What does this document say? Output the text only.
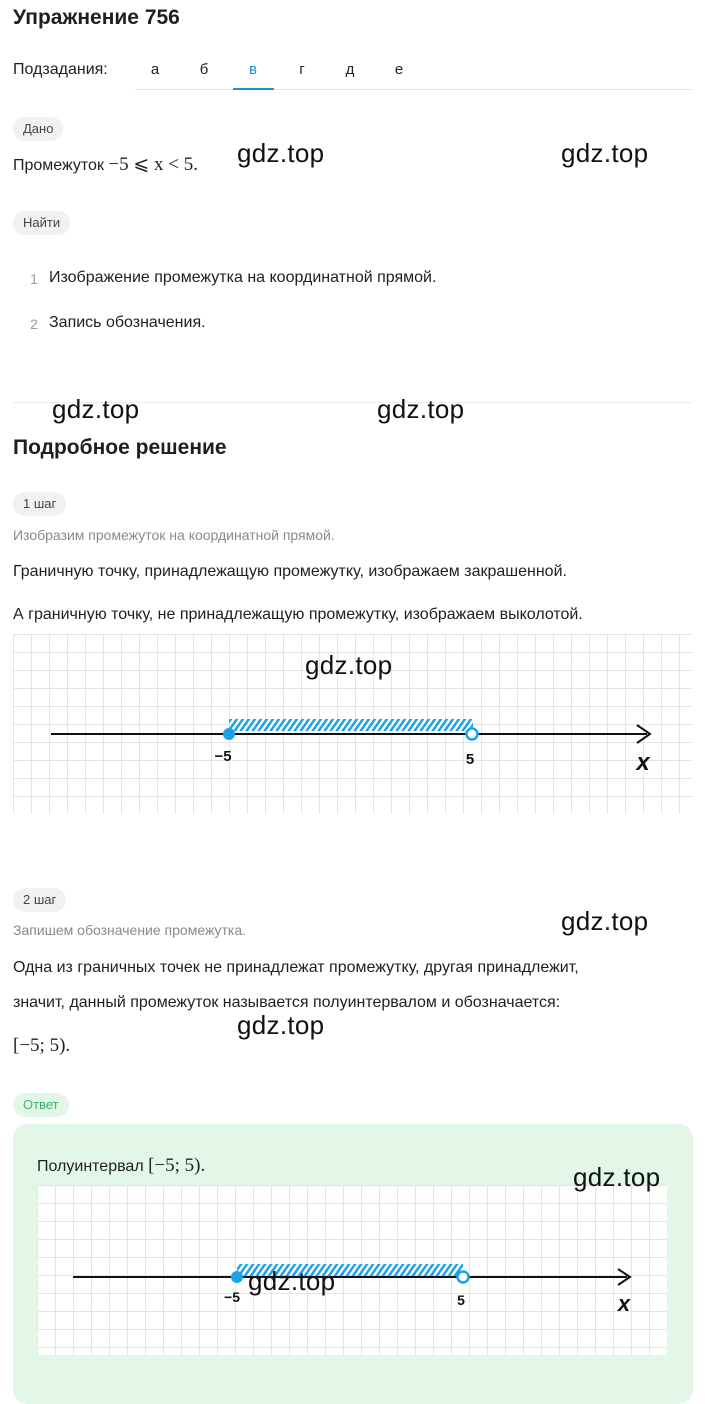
Упражнение 756
Подзадания:	а	б	в	г	д	е
Дано
Промежуток −5 ⩽ x < 5.
Найти
1 Изображение промежутка на координатной прямой.
2 Запись обозначения.
Подробное решение
1 шаг
Изобразим промежуток на координатной прямой.
Граничную точку, принадлежащую промежутку, изображаем закрашенной.
А граничную точку, не принадлежащую промежутку, изображаем выколотой.
−5	5	x
2 шаг
Запишем обозначение промежутка.
Одна из граничных точек не принадлежат промежутку, другая принадлежит,
значит, данный промежуток называется полуинтервалом и обозначается:
[−5; 5).
Ответ
Полуинтервал [−5; 5).
−5	5	x
gdz.top	gdz.top
gdz.top	gdz.top
gdz.top
gdz.top
gdz.top
gdz.top
gdz.top
